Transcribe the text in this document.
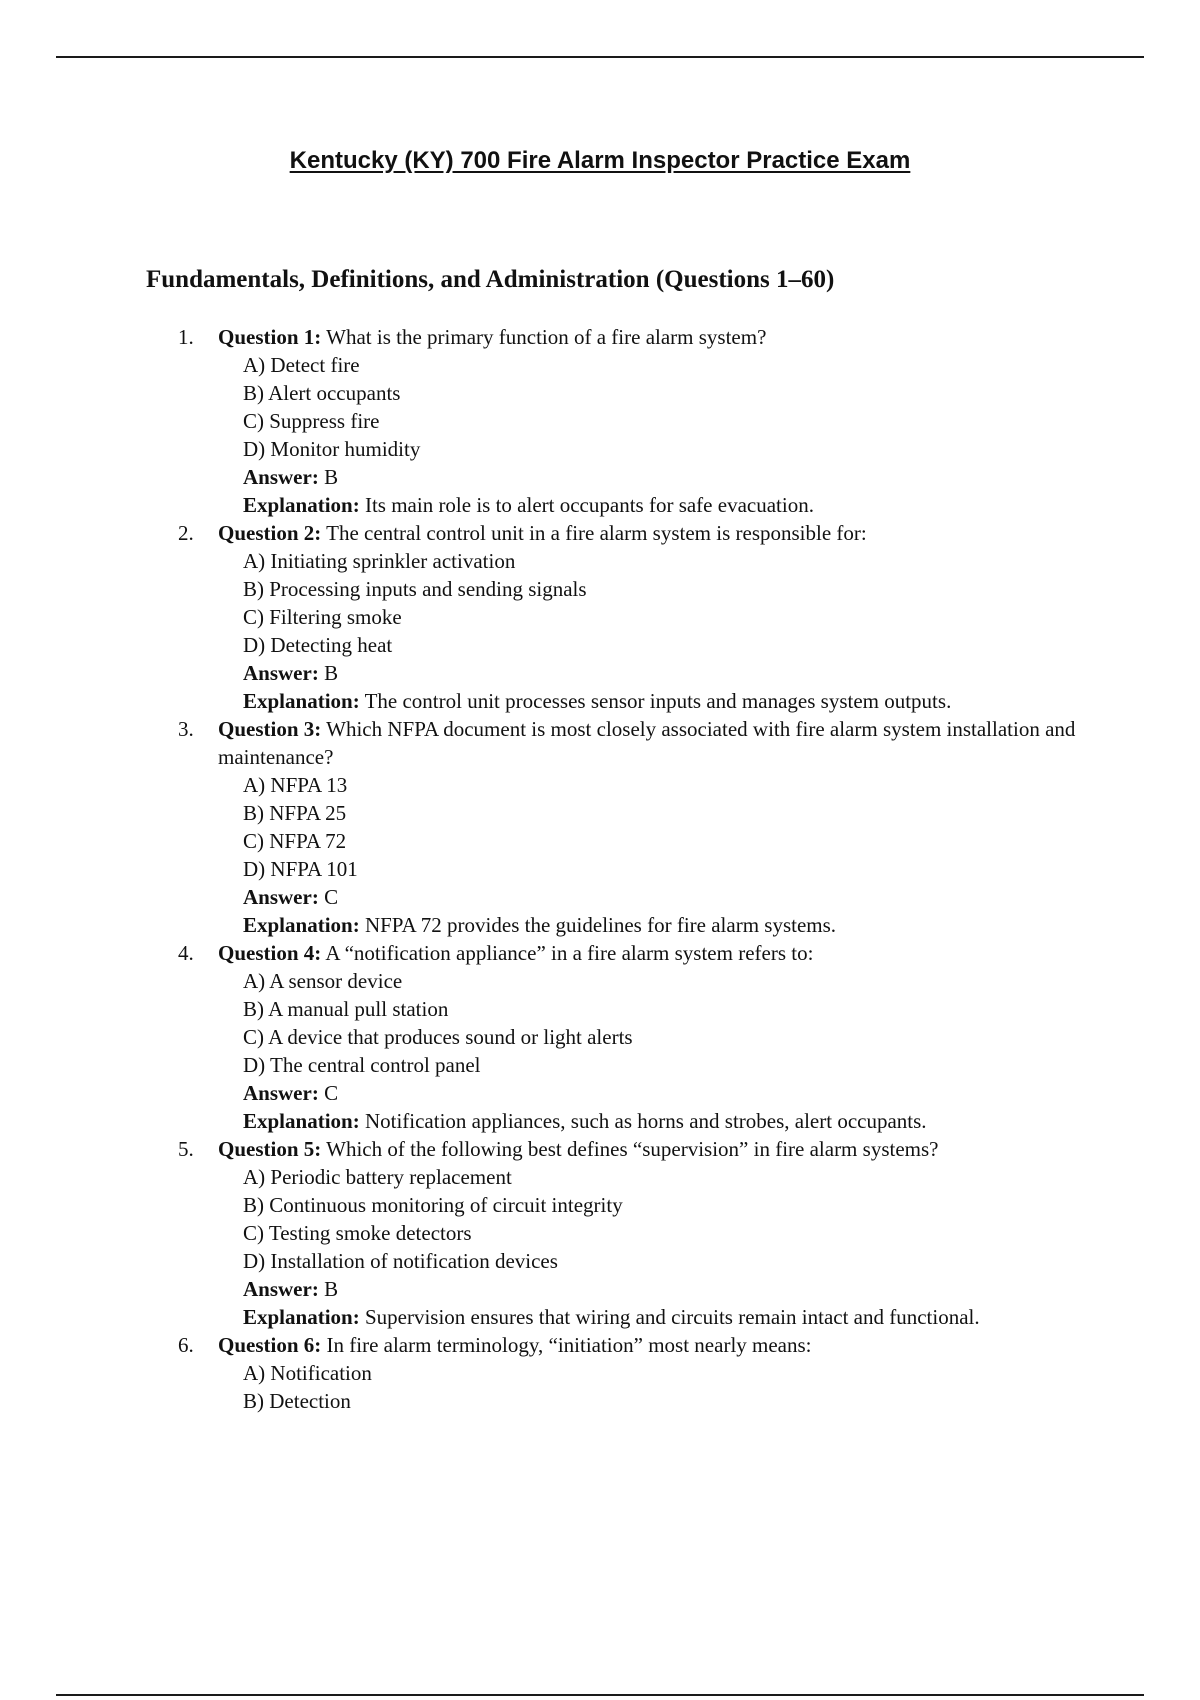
Kentucky (KY) 700 Fire Alarm Inspector Practice Exam
Fundamentals, Definitions, and Administration (Questions 1–60)
1. Question 1: What is the primary function of a fire alarm system?
A) Detect fire
B) Alert occupants
C) Suppress fire
D) Monitor humidity
Answer: B
Explanation: Its main role is to alert occupants for safe evacuation.
2. Question 2: The central control unit in a fire alarm system is responsible for:
A) Initiating sprinkler activation
B) Processing inputs and sending signals
C) Filtering smoke
D) Detecting heat
Answer: B
Explanation: The control unit processes sensor inputs and manages system outputs.
3. Question 3: Which NFPA document is most closely associated with fire alarm system installation and maintenance?
A) NFPA 13
B) NFPA 25
C) NFPA 72
D) NFPA 101
Answer: C
Explanation: NFPA 72 provides the guidelines for fire alarm systems.
4. Question 4: A “notification appliance” in a fire alarm system refers to:
A) A sensor device
B) A manual pull station
C) A device that produces sound or light alerts
D) The central control panel
Answer: C
Explanation: Notification appliances, such as horns and strobes, alert occupants.
5. Question 5: Which of the following best defines “supervision” in fire alarm systems?
A) Periodic battery replacement
B) Continuous monitoring of circuit integrity
C) Testing smoke detectors
D) Installation of notification devices
Answer: B
Explanation: Supervision ensures that wiring and circuits remain intact and functional.
6. Question 6: In fire alarm terminology, “initiation” most nearly means:
A) Notification
B) Detection
